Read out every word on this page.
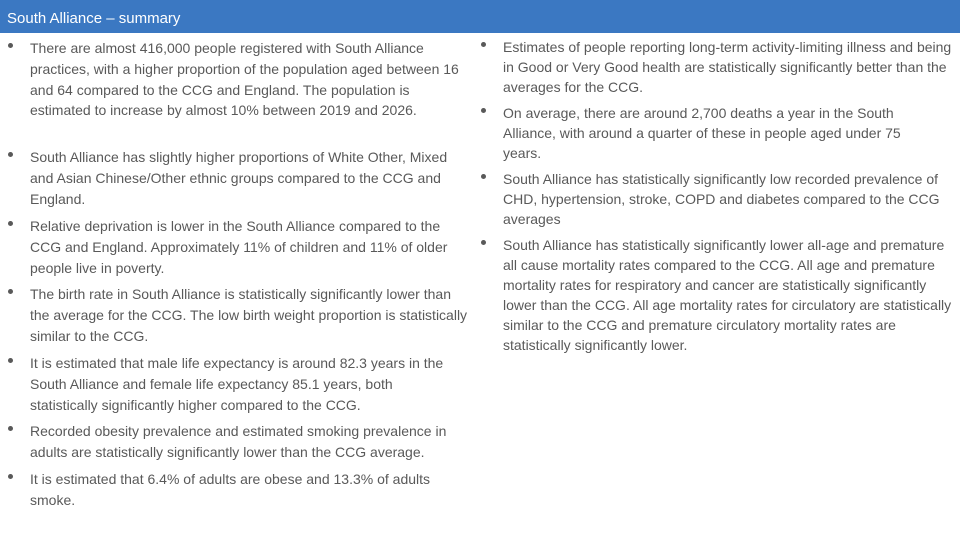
South Alliance – summary
There are almost 416,000 people registered with South Alliance practices, with a higher proportion of the population aged between 16 and 64 compared to the CCG and England. The population is estimated to increase by almost 10% between 2019 and 2026.
South Alliance has slightly higher proportions of White Other, Mixed and Asian Chinese/Other ethnic groups compared to the CCG and England.
Relative deprivation is lower in the South Alliance compared to the CCG and England. Approximately 11% of children and 11% of older people live in poverty.
The birth rate in South Alliance is statistically significantly lower than the average for the CCG. The low birth weight proportion is statistically similar to the CCG.
It is estimated that male life expectancy is around 82.3 years in the South Alliance and female life expectancy 85.1 years, both statistically significantly higher compared to the CCG.
Recorded obesity prevalence and estimated smoking prevalence in adults are statistically significantly lower than the CCG average.
It is estimated that 6.4% of adults are obese and 13.3% of adults smoke.
Estimates of people reporting long-term activity-limiting illness and being in Good or Very Good health are statistically significantly better than the averages for the CCG.
On average, there are around 2,700 deaths a year in the South Alliance, with around a quarter of these in people aged under 75 years.
South Alliance has statistically significantly low recorded prevalence of CHD, hypertension, stroke, COPD and diabetes compared to the CCG averages
South Alliance has statistically significantly lower all-age and premature all cause mortality rates compared to the CCG. All age and premature mortality rates for respiratory and cancer are statistically significantly lower than the CCG. All age mortality rates for circulatory are statistically similar to the CCG and premature circulatory mortality rates are statistically significantly lower.
